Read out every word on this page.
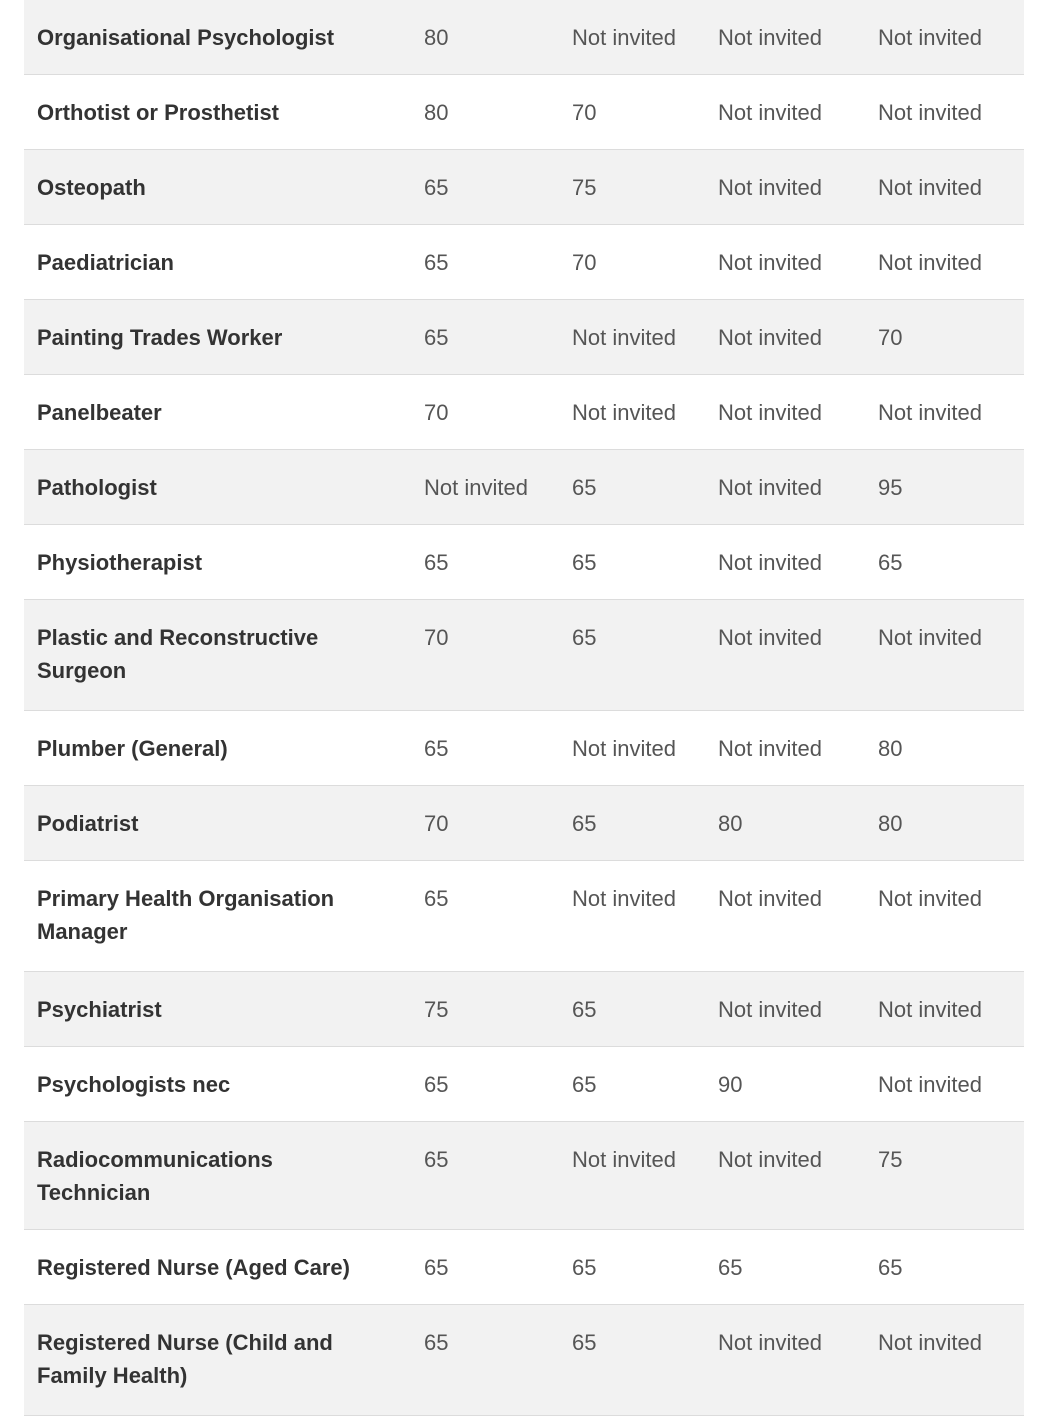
Organisational Psychologist	80	Not invited	Not invited	Not invited
Orthotist or Prosthetist	80	70	Not invited	Not invited
Osteopath	65	75	Not invited	Not invited
Paediatrician	65	70	Not invited	Not invited
Painting Trades Worker	65	Not invited	Not invited	70
Panelbeater	70	Not invited	Not invited	Not invited
Pathologist	Not invited	65	Not invited	95
Physiotherapist	65	65	Not invited	65
Plastic and Reconstructive Surgeon	70	65	Not invited	Not invited
Plumber (General)	65	Not invited	Not invited	80
Podiatrist	70	65	80	80
Primary Health Organisation Manager	65	Not invited	Not invited	Not invited
Psychiatrist	75	65	Not invited	Not invited
Psychologists nec	65	65	90	Not invited
Radiocommunications Technician	65	Not invited	Not invited	75
Registered Nurse (Aged Care)	65	65	65	65
Registered Nurse (Child and Family Health)	65	65	Not invited	Not invited
